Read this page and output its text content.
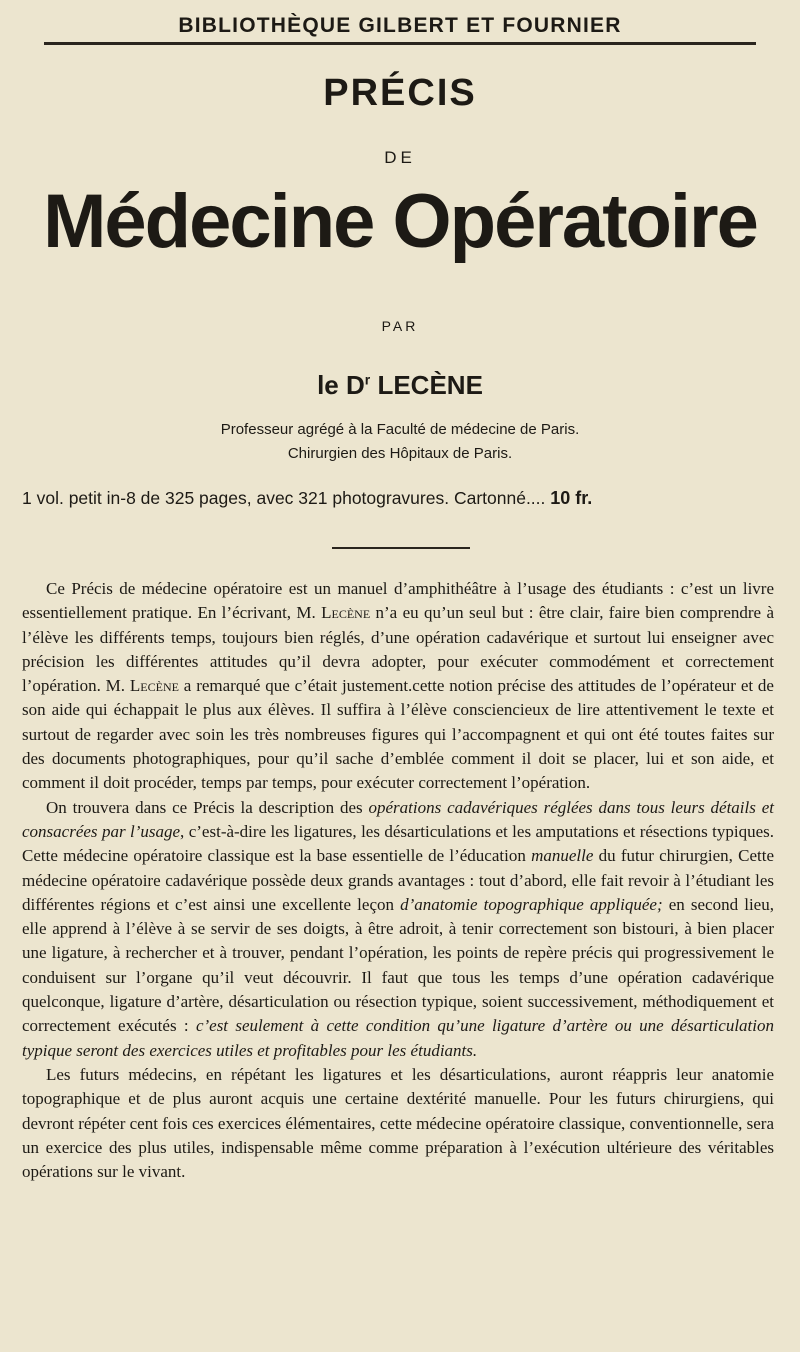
BIBLIOTHÈQUE GILBERT ET FOURNIER
PRÉCIS
DE
Médecine Opératoire
PAR
le $D^r$ LECÈNE
Professeur agrégé à la Faculté de médecine de Paris.
Chirurgien des Hôpitaux de Paris.
1 vol. petit in-8 de 325 pages, avec 321 photogravures. Cartonné.... 10 fr.

Ce Précis de médecine opératoire est un manuel d’amphithéâtre à l’usage des étudiants : c’est un livre essentiellement pratique. En l’écrivant, M. Lecène n’a eu qu’un seul but : être clair, faire bien comprendre à l’élève les différents temps, toujours bien réglés, d’une opération cadavérique et surtout lui enseigner avec précision les différentes attitudes qu’il devra adopter, pour exécuter commodément et correctement l’opération. M. Lecène a remarqué que c’était justement.cette notion précise des attitudes de l’opérateur et de son aide qui échappait le plus aux élèves. Il suffira à l’élève consciencieux de lire attentivement le texte et surtout de regarder avec soin les très nombreuses figures qui l’accompagnent et qui ont été toutes faites sur des documents photographiques, pour qu’il sache d’emblée comment il doit se placer, lui et son aide, et comment il doit procéder, temps par temps, pour exécuter correctement l’opération.

On trouvera dans ce Précis la description des opérations cadavériques réglées dans tous leurs détails et consacrées par l’usage, c’est-à-dire les ligatures, les désarticulations et les amputations et résections typiques. Cette médecine opératoire classique est la base essentielle de l’éducation manuelle du futur chirurgien, Cette médecine opératoire cadavérique possède deux grands avantages : tout d’abord, elle fait revoir à l’étudiant les différentes régions et c’est ainsi une excellente leçon d’anatomie topographique appliquée; en second lieu, elle apprend à l’élève à se servir de ses doigts, à être adroit, à tenir correctement son bistouri, à bien placer une ligature, à rechercher et à trouver, pendant l’opération, les points de repère précis qui progressivement le conduisent sur l’organe qu’il veut découvrir. Il faut que tous les temps d’une opération cadavérique quelconque, ligature d’artère, désarticulation ou résection typique, soient successivement, méthodiquement et correctement exécutés : c’est seulement à cette condition qu’une ligature d’artère ou une désarticulation typique seront des exercices utiles et profitables pour les étudiants.

Les futurs médecins, en répétant les ligatures et les désarticulations, auront réappris leur anatomie topographique et de plus auront acquis une certaine dextérité manuelle. Pour les futurs chirurgiens, qui devront répéter cent fois ces exercices élémentaires, cette médecine opératoire classique, conventionnelle, sera un exercice des plus utiles, indispensable même comme préparation à l’exécution ultérieure des véritables opérations sur le vivant.
